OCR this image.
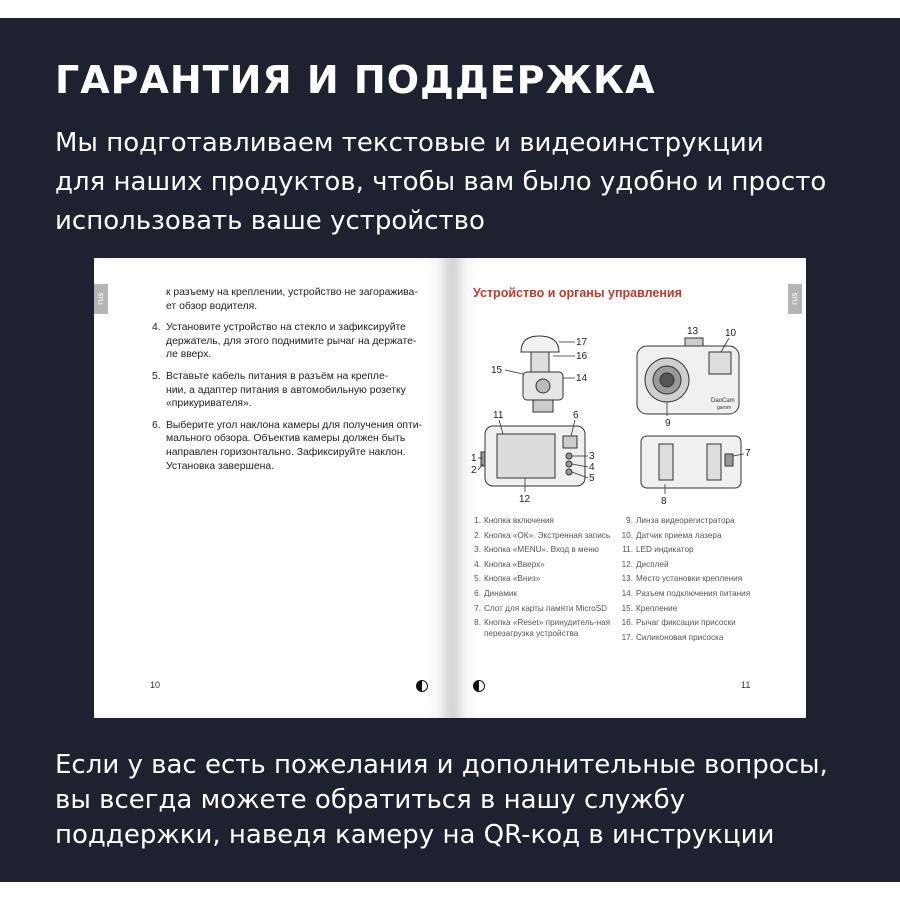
ГАРАНТИЯ И ПОДДЕРЖКА
Мы подготавливаем текстовые и видеоинструкции
для наших продуктов, чтобы вам было удобно и просто
использовать ваше устройство
Если у вас есть пожелания и дополнительные вопросы,
вы всегда можете обратиться в нашу службу
поддержки, наведя камеру на QR-код в инструкции
rus
к разъему на креплении, устройство не загоражива-
ет обзор водителя.
4. Установите устройство на стекло и зафиксируйте
держатель, для этого поднимите рычаг на держате-
ле вверх.
5. Вставьте кабель питания в разъём на крепле-
нии, а адаптер питания в автомобильную розетку
«прикуривателя».
6. Выберите угол наклона камеры для получения опти-
мального обзора. Объектив камеры должен быть
направлен горизонтально. Зафиксируйте наклон.
Установка завершена.
10
rus
Устройство и органы управления
17
16
14
15
11	6
1
2
3
4
5
12
DaoCam
garom
13	10
9
7
8
1. Кнопка включения
2. Кнопка «ОК». Экстренная запись
3. Кнопка «MENU». Вход в меню
4. Кнопка «Вверх»
5. Кнопка «Вниз»
6. Динамик
7. Слот для карты памяти MicroSD
8. Кнопка «Reset» принудитель-ная перезагрузка устройства
9. Линза видеорегистратора
10. Датчик приема лазера
11. LED индикатор
12. Дисплей
13. Место установки крепления
14. Разъем подключения питания
15. Крепление
16. Рычаг фиксации присоски
17. Силиконовая присоска
11
